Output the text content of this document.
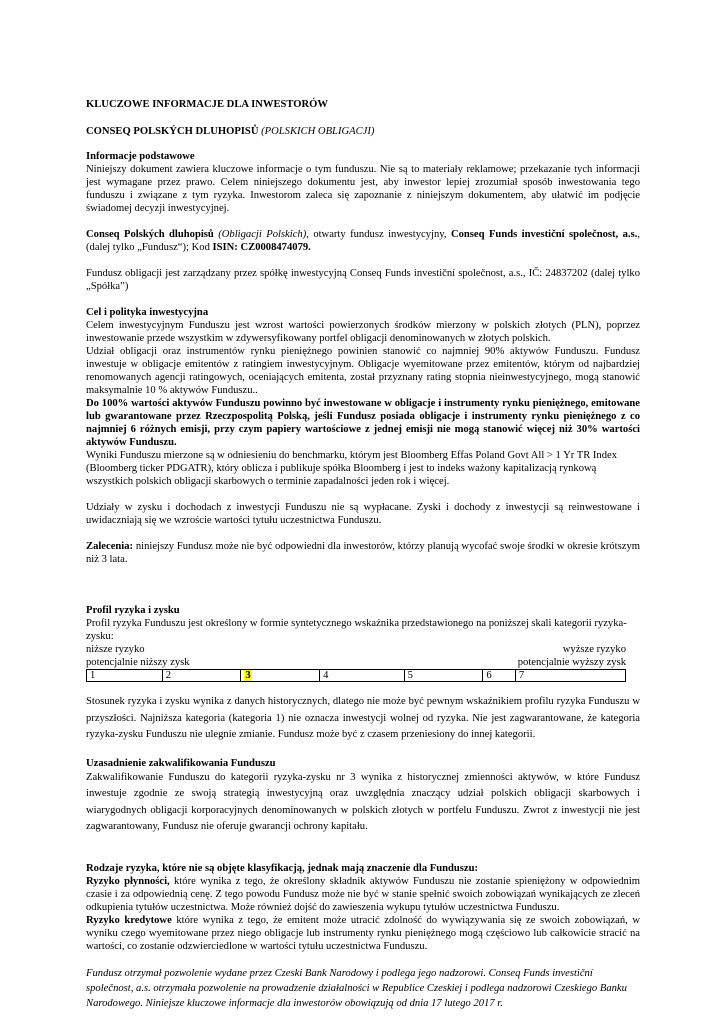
KLUCZOWE INFORMACJE DLA INWESTORÓW

CONSEQ POLSKÝCH DLUHOPISŮ (POLSKICH OBLIGACJI)

Informacje podstawowe

Niniejszy dokument zawiera kluczowe informacje o tym funduszu. Nie są to materiały reklamowe; przekazanie tych informacji jest wymagane przez prawo. Celem niniejszego dokumentu jest, aby inwestor lepiej zrozumiał sposób inwestowania tego funduszu i związane z tym ryzyka. Inwestorom zaleca się zapoznanie z niniejszym dokumentem, aby ułatwić im podjęcie świadomej decyzji inwestycyjnej.

Conseq Polských dluhopisů (Obligacji Polskich), otwarty fundusz inwestycyjny, Conseq Funds investiční společnost, a.s., (dalej tylko „Fundusz“); Kod ISIN: CZ0008474079.

Fundusz obligacji jest zarządzany przez spółkę inwestycyjną Conseq Funds investiční společnost, a.s., IČ: 24837202 (dalej tylko „Spółka”)

Cel i polityka inwestycyjna

Celem inwestycyjnym Funduszu jest wzrost wartości powierzonych środków mierzony w polskich złotych (PLN), poprzez inwestowanie przede wszystkim w zdywersyfikowany portfel obligacji denominowanych w złotych polskich.

Udział obligacji oraz instrumentów rynku pieniężnego powinien stanowić co najmniej 90% aktywów Funduszu. Fundusz inwestuje w obligacje emitentów z ratingiem inwestycyjnym. Obligacje wyemitowane przez emitentów, którym od najbardziej renomowanych agencji ratingowych, oceniających emitenta, został przyznany rating stopnia nieinwestycyjnego, mogą stanowić maksymalnie 10 % aktywów Funduszu..

Do 100% wartości aktywów Funduszu powinno być inwestowane w obligacje i instrumenty rynku pieniężnego, emitowane lub gwarantowane przez Rzeczpospolitą Polską, jeśli Fundusz posiada obligacje i instrumenty rynku pieniężnego z co najmniej 6 różnych emisji, przy czym papiery wartościowe z jednej emisji nie mogą stanowić więcej niż 30% wartości aktywów Funduszu.

Wyniki Funduszu mierzone są w odniesieniu do benchmarku, którym jest Bloomberg Effas Poland Govt All > 1 Yr TR Index (Bloomberg ticker PDGATR), który oblicza i publikuje spółka Bloomberg i jest to indeks ważony kapitalizacją rynkową wszystkich polskich obligacji skarbowych o terminie zapadalności jeden rok i więcej.

Udziały w zysku i dochodach z inwestycji Funduszu nie są wypłacane. Zyski i dochody z inwestycji są reinwestowane i uwidaczniają się we wzroście wartości tytułu uczestnictwa Funduszu.

Zalecenia: niniejszy Fundusz może nie być odpowiedni dla inwestorów, którzy planują wycofać swoje środki w okresie krótszym niż 3 lata.

Profil ryzyka i zysku

Profil ryzyka Funduszu jest określony w formie syntetycznego wskaźnika przedstawionego na poniższej skali kategorii ryzyka-zysku:

niższe ryzyko	wyższe ryzyko
potencjalnie niższy zysk	potencjalnie wyższy zysk
1	2	3	4	5	6	7

Stosunek ryzyka i zysku wynika z danych historycznych, dlatego nie może być pewnym wskaźnikiem profilu ryzyka Funduszu w przyszłości. Najniższa kategoria (kategoria 1) nie oznacza inwestycji wolnej od ryzyka. Nie jest zagwarantowane, że kategoria ryzyka-zysku Funduszu nie ulegnie zmianie. Fundusz może być z czasem przeniesiony do innej kategorii.

Uzasadnienie zakwalifikowania Funduszu

Zakwalifikowanie Funduszu do kategorii ryzyka-zysku nr 3 wynika z historycznej zmienności aktywów, w które Fundusz inwestuje zgodnie ze swoją strategią inwestycyjną oraz uwzględnia znaczący udział polskich obligacji skarbowych i wiarygodnych obligacji korporacyjnych denominowanych w polskich złotych w portfelu Funduszu. Zwrot z inwestycji nie jest zagwarantowany, Fundusz nie oferuje gwarancji ochrony kapitału.

Rodzaje ryzyka, które nie są objęte klasyfikacją, jednak mają znaczenie dla Funduszu:

Ryzyko płynności, które wynika z tego, że określony składnik aktywów Funduszu nie zostanie spieniężony w odpowiednim czasie i za odpowiednią cenę. Z tego powodu Fundusz może nie być w stanie spełnić swoich zobowiązań wynikających ze zleceń odkupienia tytułów uczestnictwa. Może również dojść do zawieszenia wykupu tytułów uczestnictwa Funduszu.

Ryzyko kredytowe które wynika z tego, że emitent może utracić zdolność do wywiązywania się ze swoich zobowiązań, w wyniku czego wyemitowane przez niego obligacje lub instrumenty rynku pieniężnego mogą częściowo lub całkowicie stracić na wartości, co zostanie odzwierciedlone w wartości tytułu uczestnictwa Funduszu.

Fundusz otrzymał pozwolenie wydane przez Czeski Bank Narodowy i podlega jego nadzorowi. Conseq Funds investiční společnost, a.s. otrzymała pozwolenie na prowadzenie działalności w Republice Czeskiej i podlega nadzorowi Czeskiego Banku Narodowego. Niniejsze kluczowe informacje dla inwestorów obowiązują od dnia 17 lutego 2017 r.
